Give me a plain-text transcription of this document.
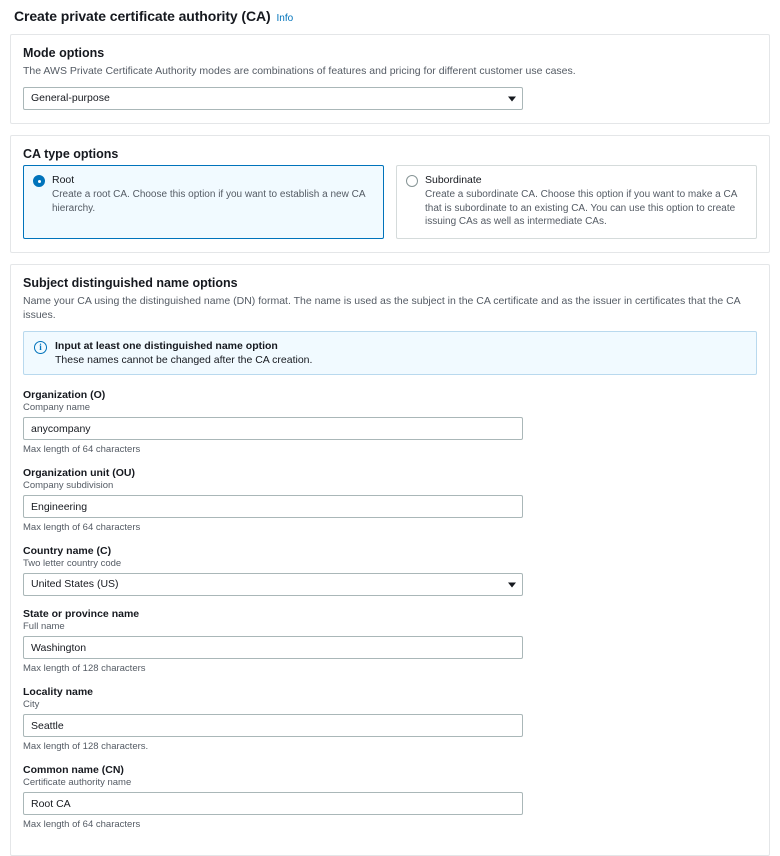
Create private certificate authority (CA) Info
Mode options
The AWS Private Certificate Authority modes are combinations of features and pricing for different customer use cases.
General-purpose
CA type options
Root
Create a root CA. Choose this option if you want to establish a new CA hierarchy.
Subordinate
Create a subordinate CA. Choose this option if you want to make a CA that is subordinate to an existing CA. You can use this option to create issuing CAs as well as intermediate CAs.
Subject distinguished name options
Name your CA using the distinguished name (DN) format. The name is used as the subject in the CA certificate and as the issuer in certificates that the CA issues.
i	Input at least one distinguished name option
These names cannot be changed after the CA creation.
Organization (O)
Company name
anycompany
Max length of 64 characters
Organization unit (OU)
Company subdivision
Engineering
Max length of 64 characters
Country name (C)
Two letter country code
United States (US)
State or province name
Full name
Washington
Max length of 128 characters
Locality name
City
Seattle
Max length of 128 characters.
Common name (CN)
Certificate authority name
Root CA
Max length of 64 characters
